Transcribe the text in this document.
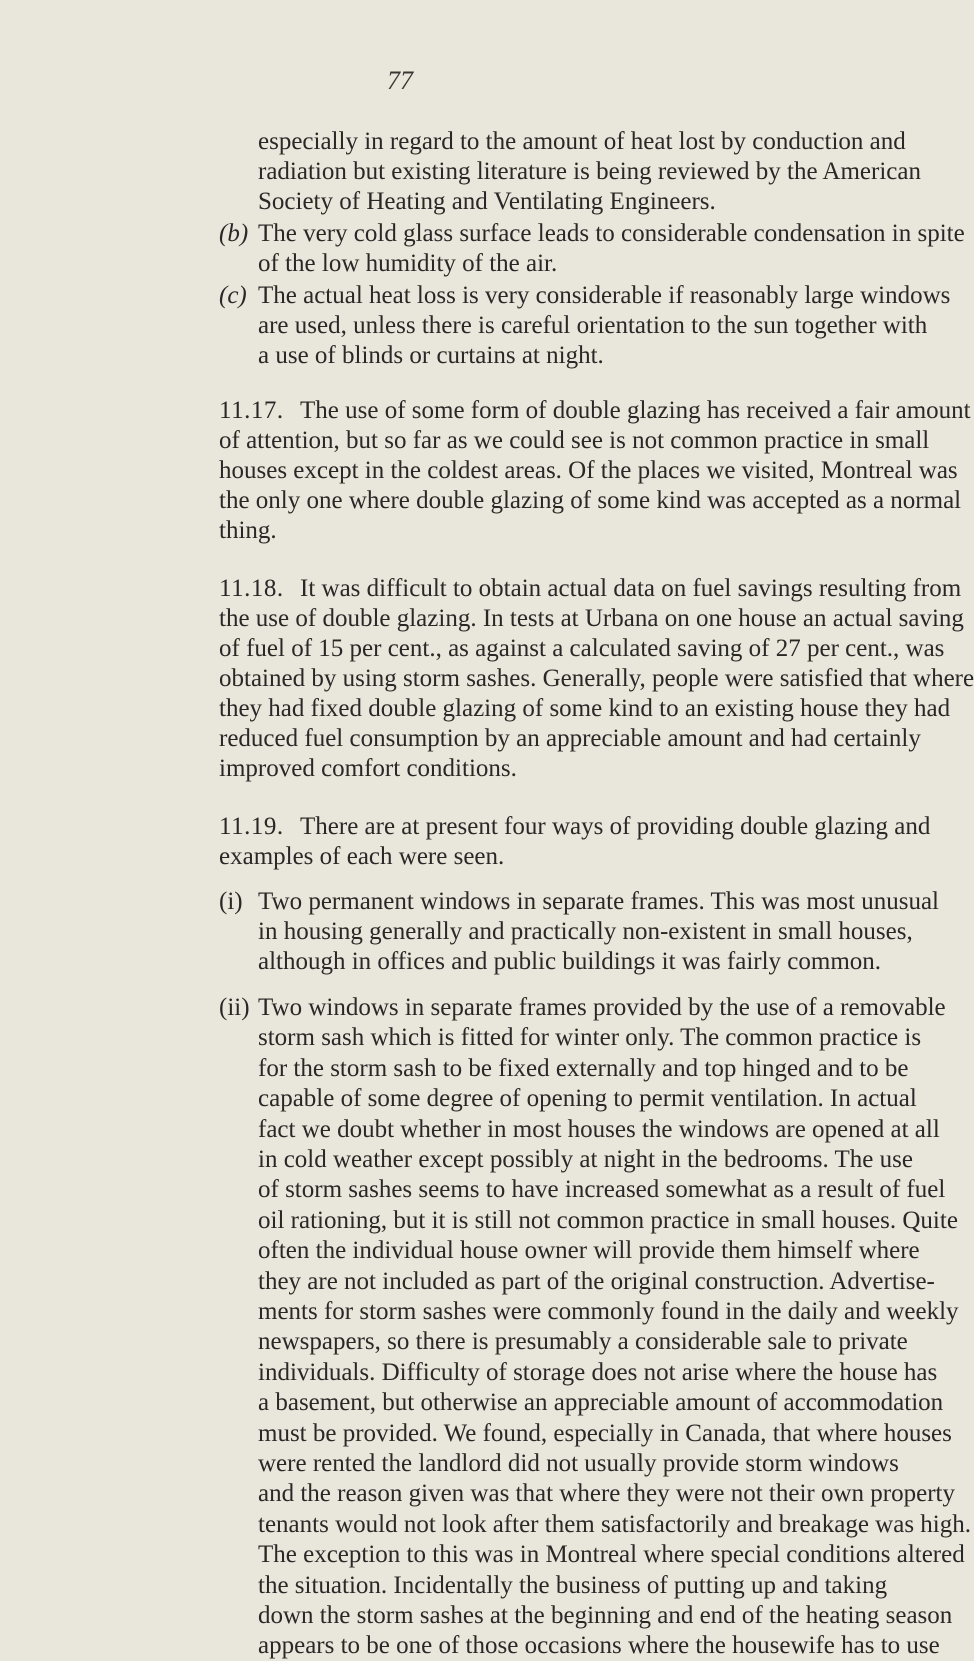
77
especially in regard to the amount of heat lost by conduction and
radiation but existing literature is being reviewed by the American
Society of Heating and Ventilating Engineers.
(b) The very cold glass surface leads to considerable condensation in spite
of the low humidity of the air.
(c) The actual heat loss is very considerable if reasonably large windows
are used, unless there is careful orientation to the sun together with
a use of blinds or curtains at night.
11.17. The use of some form of double glazing has received a fair amount
of attention, but so far as we could see is not common practice in small
houses except in the coldest areas. Of the places we visited, Montreal was
the only one where double glazing of some kind was accepted as a normal
thing.
11.18. It was difficult to obtain actual data on fuel savings resulting from
the use of double glazing. In tests at Urbana on one house an actual saving
of fuel of 15 per cent., as against a calculated saving of 27 per cent., was
obtained by using storm sashes. Generally, people were satisfied that where
they had fixed double glazing of some kind to an existing house they had
reduced fuel consumption by an appreciable amount and had certainly
improved comfort conditions.
11.19. There are at present four ways of providing double glazing and
examples of each were seen.
(i) Two permanent windows in separate frames. This was most unusual
in housing generally and practically non-existent in small houses,
although in offices and public buildings it was fairly common.
(ii) Two windows in separate frames provided by the use of a removable
storm sash which is fitted for winter only. The common practice is
for the storm sash to be fixed externally and top hinged and to be
capable of some degree of opening to permit ventilation. In actual
fact we doubt whether in most houses the windows are opened at all
in cold weather except possibly at night in the bedrooms. The use
of storm sashes seems to have increased somewhat as a result of fuel
oil rationing, but it is still not common practice in small houses. Quite
often the individual house owner will provide them himself where
they are not included as part of the original construction. Advertise-
ments for storm sashes were commonly found in the daily and weekly
newspapers, so there is presumably a considerable sale to private
individuals. Difficulty of storage does not arise where the house has
a basement, but otherwise an appreciable amount of accommodation
must be provided. We found, especially in Canada, that where houses
were rented the landlord did not usually provide storm windows
and the reason given was that where they were not their own property
tenants would not look after them satisfactorily and breakage was high.
The exception to this was in Montreal where special conditions altered
the situation. Incidentally the business of putting up and taking
down the storm sashes at the beginning and end of the heating season
appears to be one of those occasions where the housewife has to use
